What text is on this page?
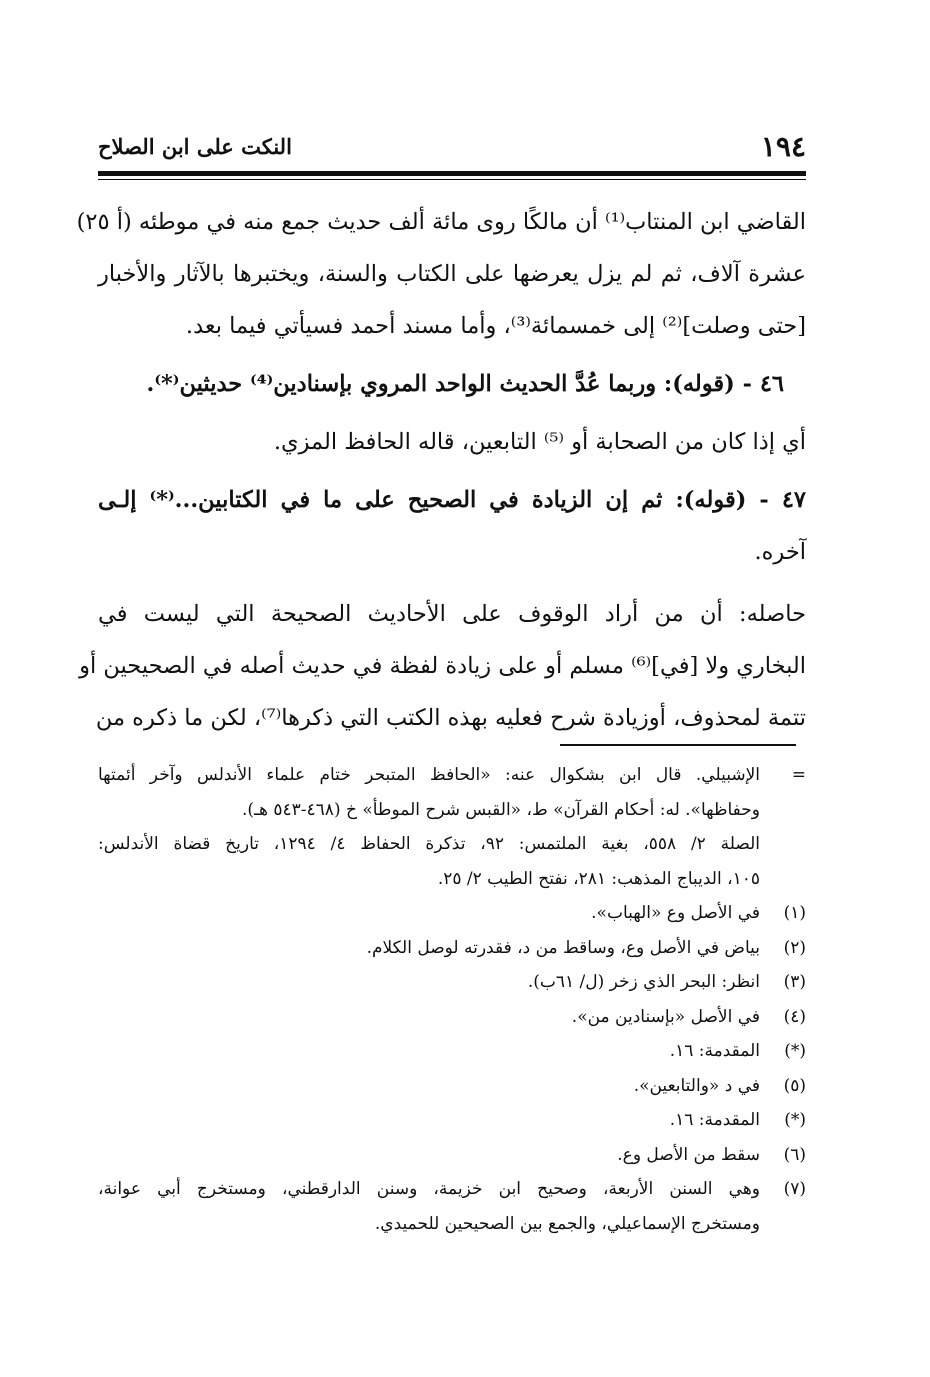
١٩٤
النكت على ابن الصلاح
القاضي ابن المنتاب⁽¹⁾ أن مالكًا روى مائة ألف حديث جمع منه في موطئه (أ ٢٥)
عشرة آلاف، ثم لم يزل يعرضها على الكتاب والسنة، ويختبرها بالآثار والأخبار
[حتى وصلت]⁽²⁾ إلى خمسمائة⁽³⁾، وأما مسند أحمد فسيأتي فيما بعد.
٤٦ - (قوله): وربما عُدَّ الحديث الواحد المروي بإسنادين⁽⁴⁾ حديثين⁽*⁾.
أي إذا كان من الصحابة أو ⁽⁵⁾ التابعين، قاله الحافظ المزي.
٤٧ - (قوله): ثم إن الزيادة في الصحيح على ما في الكتابين...⁽*⁾ إلـى
آخره.
حاصله: أن من أراد الوقوف على الأحاديث الصحيحة التي ليست في
البخاري ولا [في]⁽⁶⁾ مسلم أو على زيادة لفظة في حديث أصله في الصحيحين أو
تتمة لمحذوف، أوزيادة شرح فعليه بهذه الكتب التي ذكرها⁽⁷⁾، لكن ما ذكره من
=
الإشبيلي. قال ابن بشكوال عنه: «الحافظ المتبحر ختام علماء الأندلس وآخر أئمتها
وحفاظها». له: أحكام القرآن» ط، «القبس شرح الموطأ» خ (٤٦٨-٥٤٣ هـ).
الصلة ٢/ ٥٥٨، بغية الملتمس: ٩٢، تذكرة الحفاظ ٤/ ١٢٩٤، تاريخ قضاة الأندلس:
١٠٥، الديباج المذهب: ٢٨١، نفتح الطيب ٢/ ٢٥.
(١)
في الأصل وع «الهباب».
(٢)
بياض في الأصل وع، وساقط من د، فقدرته لوصل الكلام.
(٣)
انظر: البحر الذي زخر (ل/ ٦١ب).
(٤)
في الأصل «بإسنادين من».
(*)
المقدمة: ١٦.
(٥)
في د «والتابعين».
(*)
المقدمة: ١٦.
(٦)
سقط من الأصل وع.
(٧)
وهي السنن الأربعة، وصحيح ابن خزيمة، وسنن الدارقطني، ومستخرج أبي عوانة،
ومستخرج الإسماعيلي، والجمع بين الصحيحين للحميدي.
